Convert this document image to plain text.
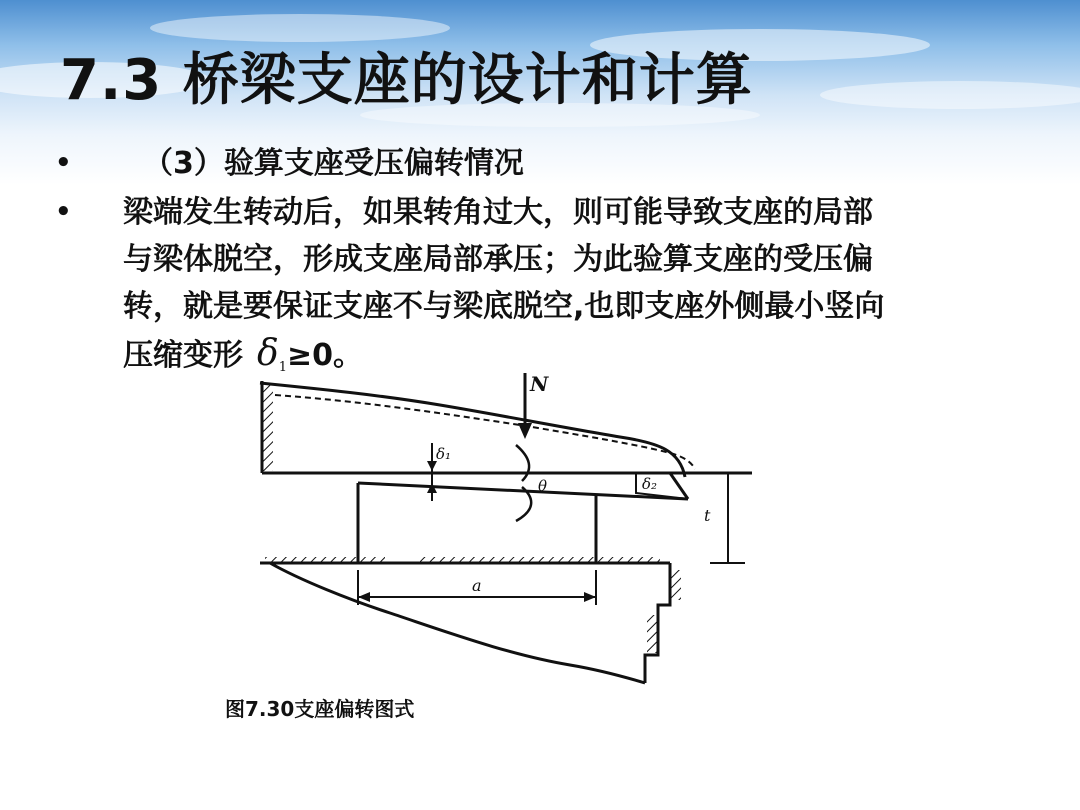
7.3 桥梁支座的设计和计算
• （3）验算支座受压偏转情况
• 梁端发生转动后，如果转角过大，则可能导致支座的局部
与梁体脱空，形成支座局部承压；为此验算支座的受压偏
转，就是要保证支座不与梁底脱空,也即支座外侧最小竖向
压缩变形 $\delta_1\ge 0$。
N
δ₁
θ	δ₂
a
t

图7.30支座偏转图式
